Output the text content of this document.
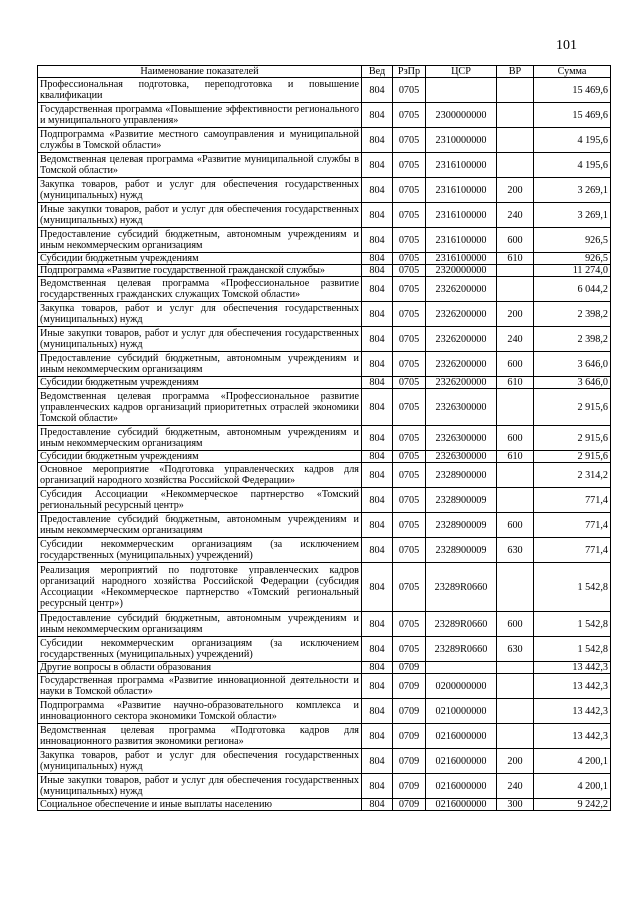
101
Наименование показателей	Вед	РзПр	ЦСР	ВР	Сумма
Профессиональная подготовка, переподготовка и повышение квалификации	804	0705			15 469,6
Государственная программа «Повышение эффективности регионального и муниципального управления»	804	0705	2300000000		15 469,6
Подпрограмма «Развитие местного самоуправления и муниципальной службы в Томской области»	804	0705	2310000000		4 195,6
Ведомственная целевая программа «Развитие муниципальной службы в Томской области»	804	0705	2316100000		4 195,6
Закупка товаров, работ и услуг для обеспечения государственных (муниципальных) нужд	804	0705	2316100000	200	3 269,1
Иные закупки товаров, работ и услуг для обеспечения государственных (муниципальных) нужд	804	0705	2316100000	240	3 269,1
Предоставление субсидий бюджетным, автономным учреждениям и иным некоммерческим организациям	804	0705	2316100000	600	926,5
Субсидии бюджетным учреждениям	804	0705	2316100000	610	926,5
Подпрограмма «Развитие государственной гражданской службы»	804	0705	2320000000		11 274,0
Ведомственная целевая программа «Профессиональное развитие государственных гражданских служащих Томской области»	804	0705	2326200000		6 044,2
Закупка товаров, работ и услуг для обеспечения государственных (муниципальных) нужд	804	0705	2326200000	200	2 398,2
Иные закупки товаров, работ и услуг для обеспечения государственных (муниципальных) нужд	804	0705	2326200000	240	2 398,2
Предоставление субсидий бюджетным, автономным учреждениям и иным некоммерческим организациям	804	0705	2326200000	600	3 646,0
Субсидии бюджетным учреждениям	804	0705	2326200000	610	3 646,0
Ведомственная целевая программа «Профессиональное развитие управленческих кадров организаций приоритетных отраслей экономики Томской области»	804	0705	2326300000		2 915,6
Предоставление субсидий бюджетным, автономным учреждениям и иным некоммерческим организациям	804	0705	2326300000	600	2 915,6
Субсидии бюджетным учреждениям	804	0705	2326300000	610	2 915,6
Основное мероприятие «Подготовка управленческих кадров для организаций народного хозяйства Российской Федерации»	804	0705	2328900000		2 314,2
Субсидия Ассоциации «Некоммерческое партнерство «Томский региональный ресурсный центр»	804	0705	2328900009		771,4
Предоставление субсидий бюджетным, автономным учреждениям и иным некоммерческим организациям	804	0705	2328900009	600	771,4
Субсидии некоммерческим организациям (за исключением государственных (муниципальных) учреждений)	804	0705	2328900009	630	771,4
Реализация мероприятий по подготовке управленческих кадров организаций народного хозяйства Российской Федерации (субсидия Ассоциации «Некоммерческое партнерство «Томский региональный ресурсный центр»)	804	0705	23289R0660		1 542,8
Предоставление субсидий бюджетным, автономным учреждениям и иным некоммерческим организациям	804	0705	23289R0660	600	1 542,8
Субсидии некоммерческим организациям (за исключением государственных (муниципальных) учреждений)	804	0705	23289R0660	630	1 542,8
Другие вопросы в области образования	804	0709			13 442,3
Государственная программа «Развитие инновационной деятельности и науки в Томской области»	804	0709	0200000000		13 442,3
Подпрограмма «Развитие научно-образовательного комплекса и инновационного сектора экономики Томской области»	804	0709	0210000000		13 442,3
Ведомственная целевая программа «Подготовка кадров для инновационного развития экономики региона»	804	0709	0216000000		13 442,3
Закупка товаров, работ и услуг для обеспечения государственных (муниципальных) нужд	804	0709	0216000000	200	4 200,1
Иные закупки товаров, работ и услуг для обеспечения государственных (муниципальных) нужд	804	0709	0216000000	240	4 200,1
Социальное обеспечение и иные выплаты населению	804	0709	0216000000	300	9 242,2
